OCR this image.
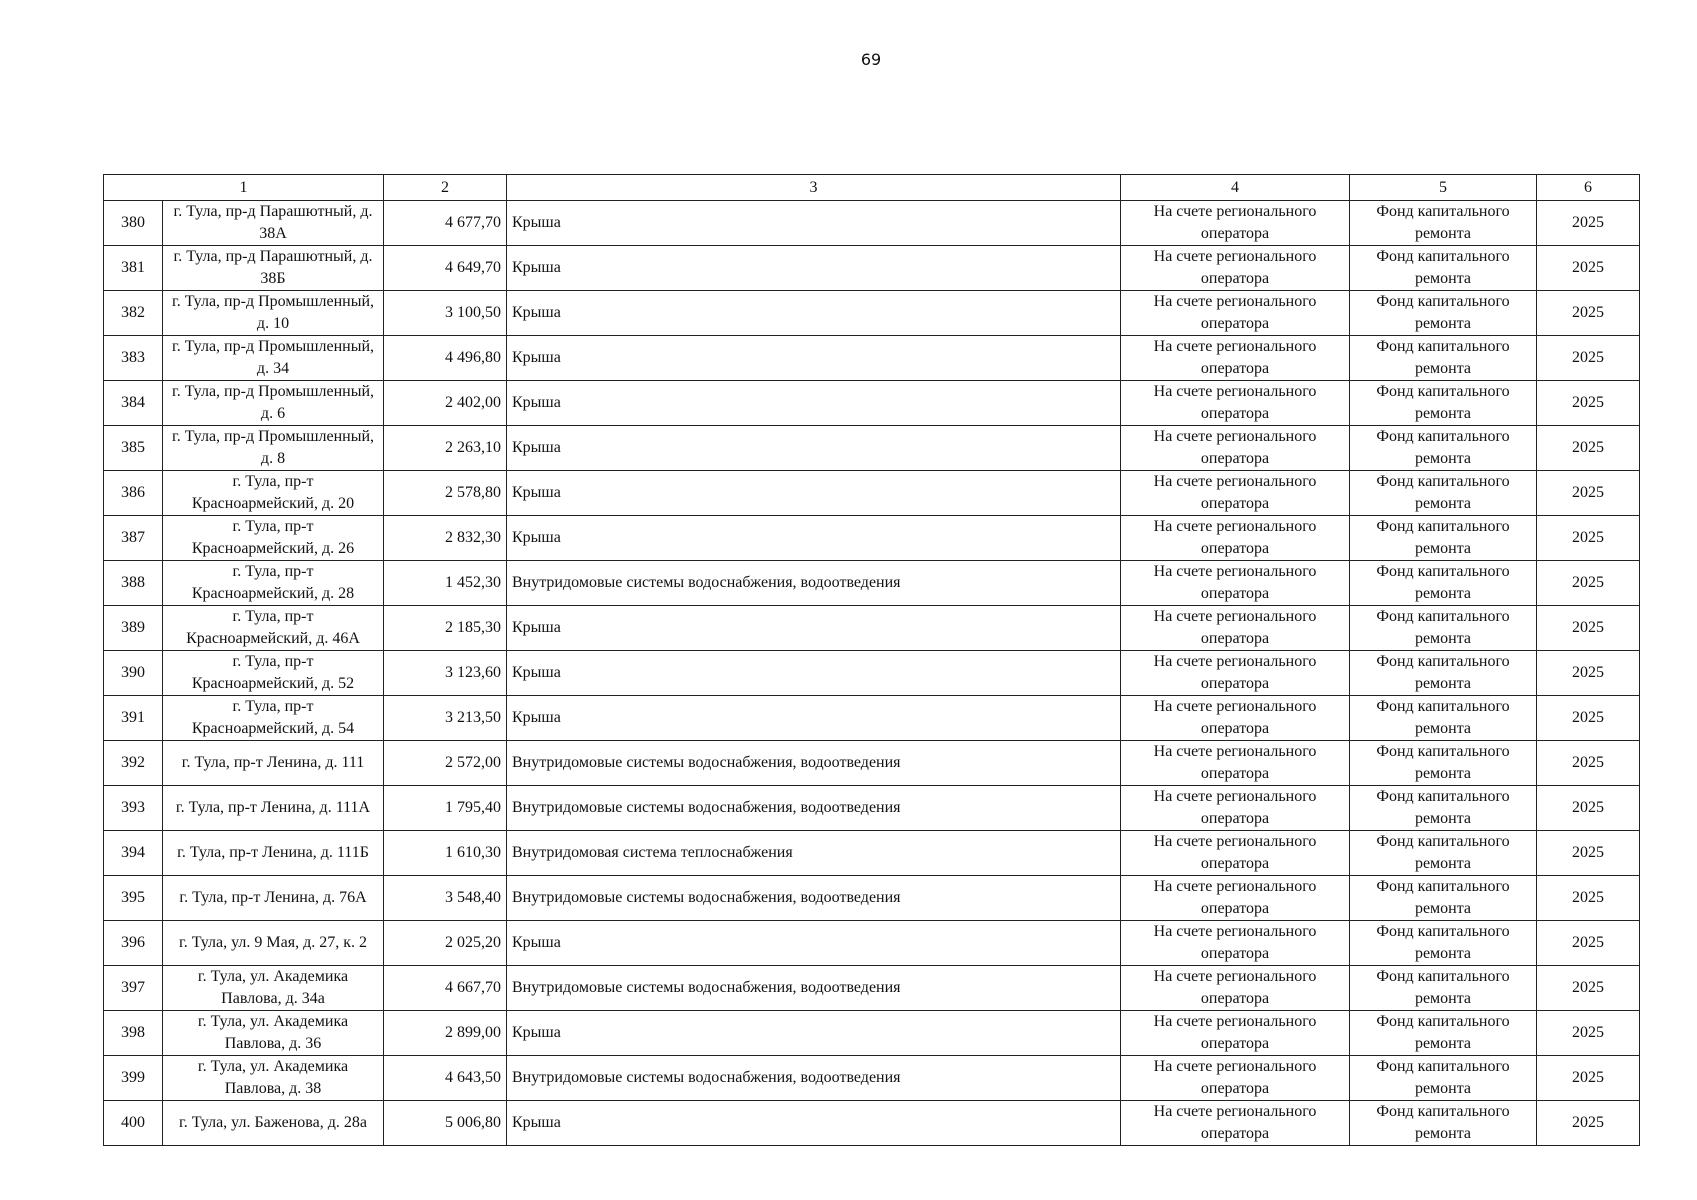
69
1		2	3	4	5	6
380	г. Тула, пр-д Парашютный, д. 38А	4 677,70	Крыша	На счете регионального оператора	Фонд капитального ремонта	2025
381	г. Тула, пр-д Парашютный, д. 38Б	4 649,70	Крыша	На счете регионального оператора	Фонд капитального ремонта	2025
382	г. Тула, пр-д Промышленный, д. 10	3 100,50	Крыша	На счете регионального оператора	Фонд капитального ремонта	2025
383	г. Тула, пр-д Промышленный, д. 34	4 496,80	Крыша	На счете регионального оператора	Фонд капитального ремонта	2025
384	г. Тула, пр-д Промышленный, д. 6	2 402,00	Крыша	На счете регионального оператора	Фонд капитального ремонта	2025
385	г. Тула, пр-д Промышленный, д. 8	2 263,10	Крыша	На счете регионального оператора	Фонд капитального ремонта	2025
386	г. Тула, пр-т Красноармейский, д. 20	2 578,80	Крыша	На счете регионального оператора	Фонд капитального ремонта	2025
387	г. Тула, пр-т Красноармейский, д. 26	2 832,30	Крыша	На счете регионального оператора	Фонд капитального ремонта	2025
388	г. Тула, пр-т Красноармейский, д. 28	1 452,30	Внутридомовые системы водоснабжения, водоотведения	На счете регионального оператора	Фонд капитального ремонта	2025
389	г. Тула, пр-т Красноармейский, д. 46А	2 185,30	Крыша	На счете регионального оператора	Фонд капитального ремонта	2025
390	г. Тула, пр-т Красноармейский, д. 52	3 123,60	Крыша	На счете регионального оператора	Фонд капитального ремонта	2025
391	г. Тула, пр-т Красноармейский, д. 54	3 213,50	Крыша	На счете регионального оператора	Фонд капитального ремонта	2025
392	г. Тула, пр-т Ленина, д. 111	2 572,00	Внутридомовые системы водоснабжения, водоотведения	На счете регионального оператора	Фонд капитального ремонта	2025
393	г. Тула, пр-т Ленина, д. 111А	1 795,40	Внутридомовые системы водоснабжения, водоотведения	На счете регионального оператора	Фонд капитального ремонта	2025
394	г. Тула, пр-т Ленина, д. 111Б	1 610,30	Внутридомовая система теплоснабжения	На счете регионального оператора	Фонд капитального ремонта	2025
395	г. Тула, пр-т Ленина, д. 76А	3 548,40	Внутридомовые системы водоснабжения, водоотведения	На счете регионального оператора	Фонд капитального ремонта	2025
396	г. Тула, ул. 9 Мая, д. 27, к. 2	2 025,20	Крыша	На счете регионального оператора	Фонд капитального ремонта	2025
397	г. Тула, ул. Академика Павлова, д. 34а	4 667,70	Внутридомовые системы водоснабжения, водоотведения	На счете регионального оператора	Фонд капитального ремонта	2025
398	г. Тула, ул. Академика Павлова, д. 36	2 899,00	Крыша	На счете регионального оператора	Фонд капитального ремонта	2025
399	г. Тула, ул. Академика Павлова, д. 38	4 643,50	Внутридомовые системы водоснабжения, водоотведения	На счете регионального оператора	Фонд капитального ремонта	2025
400	г. Тула, ул. Баженова, д. 28а	5 006,80	Крыша	На счете регионального оператора	Фонд капитального ремонта	2025
